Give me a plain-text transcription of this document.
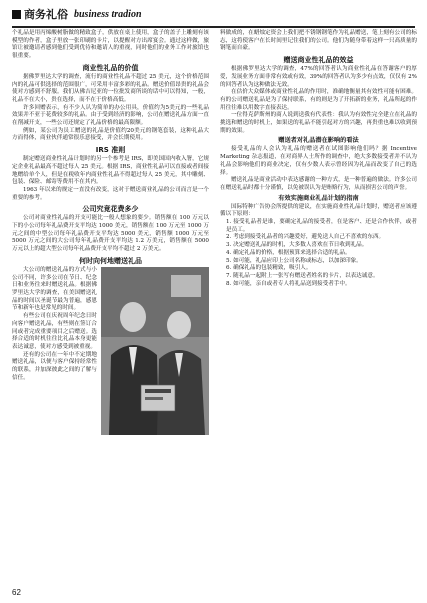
商务礼俗 business tradion

个礼品是用丙烯酸树脂做的精致盒子，供放在桌上使用，盒子的盖子上雕刻有该模型的作者，盒子里放一张印刷的卡片，以提醒对方出席宴会。通过这样做，旅馆让被邀请者感到他们受到优待和邀请人的重视，同时他们的业务工作对旅馆也很重要。

商业性礼品的价值

据佛罗里达大学的调查，流行的商业性礼品不超过 25 美元，这个价格范围内的礼品可供选择的范围很广，可采用丰富多彩的礼品。赠送价值昂贵的礼品会使对方感到不舒服。我们从佛吉尼亚的一位批发商所谈的话中可以得知，一般，礼品不在大小，贵在选择，而不在于价格高低。

许多回赠表示，有不少人认为简单的办公用具，价值约为5美元的一些礼品效果并不亚于花费较多的礼品。由于受到经济的影响，公司在赠送礼品方面一直在削减开支，一些公司还规定了礼品价格的最高限额。

例如，某公司为员工赠送的礼品是价值约20美元的钢笔套装，这种礼品大方而得体，商业伙伴通常很乐意接受，并会长期使用。

IRS 准则

制定赠送商业性礼品计划时的另一个参考是 IRS，即美国国内收入署，它规定企业礼品最高不超过每人 25 美元。根据 IRS，商业性礼品可以直接或者间接地赠给单个人，但是在税收年内商业性礼品不得超过每人 25 美元，其中雕刻、包装、保险、邮寄等费用不在其内。

1963 年以来的规定一直没有改变，这对于赠送商业礼品的公司而言是一个重要的参考。

公司究竟花费多少

公司对商业性礼品的开支可能比一般人想象的要少。销售额在 100 万元以下的小公司每年礼品费开支平均达 1000 美元，销售额在 100 万元至 1000 万元之间的中型公司每年礼品费开支平均达 5000 美元，销售额 1000 万元至 5000 万元之间的大公司每年礼品费开支平均达 1.2 万美元，销售额在 5000 万元以上的超大型公司每年礼品费开支平均不超过 2 万美元。

何时向何地赠送礼品

大公司的赠送礼品的方式与小公司不同，许多公司在节日、纪念日和业务往来时赠送礼品。根据佛罗里达大学的调查，在美国赠送礼品的时间以圣诞节最为普遍，感恩节和新年也是常见的时间。

有些公司在庆祝周年纪念日时向客户赠送礼品，有些则在签订合同或者完成重要项目之后赠送。选择合适的时机往往比礼品本身更能表达诚意，使对方感受到被重视。

还有的公司在一年中不定期地赠送礼品，以便与客户保持经常性的联系，并加深彼此之间的了解与信任。

料做成的，在蜡烛定资会上我们把不锈钢钢笔作为礼品赠送，笔上刻有公司的标志，这将使客户在长时间里记住我们的公司。他们为随身带着这样一只高质量的钢笔而自豪。

赠送商业性礼品的效益

根据佛罗里达大学的调查，47%的回答者认为商业性礼品在答谢客户的厚爱，发展业务方面非常有效或有效，39%的回答者认为多少有点效，仅仅有 2%的回答者认为这种做法无效。

在估价大众媒体或商业性礼品的作用时，准确地衡量其有效性可能有困难。有的公司赠送礼品是为了保持联系，有的则是为了开拓新的业务，礼品所起的作用往往难以用数字直接表达。

一位得克萨斯州的商人说到送我有代表性：我认为有效性完全建立在礼品的挑选和赠送的时机上，如果送的礼品不能引起对方的兴趣，再贵重也难以收到预期的效果。

赠送者对礼品潜在影响的看法

接受礼品的人会认为礼品的赠送者在试图影响他们吗？据 Incentive Marketing 杂志报道，在对商界人士所作的调查中，绝大多数接受者并不认为礼品会影响他们的商业决定，仅有少数人表示曾经因为礼品而改变了自己的选择。

赠送礼品是商业活动中表达感谢的一种方式，是一种普遍的做法。许多公司在赠送礼品时都十分谨慎，以免被误认为是贿赂行为，从而损害公司的声誉。

有效实施商业礼品计划的指南

国际特种广告协会所提供的建议，在实施商业性礼品计划时，赠送者应该遵循以下原则：

1. 接受礼品者是谁，要确定礼品的接受者，在是客户、还是合作伙伴，或者是员工。

2. 考虑到接受礼品者的兴趣爱好，避免送人自己不喜欢的东西。

3. 决定赠送礼品的时机，大多数人喜欢在节日收到礼品。

4. 确定礼品的价格，根据预算来选择合适的礼品。

5. 如可能，礼品应印上公司名称或标志，以加深印象。

6. 确保礼品的包装精致，吸引人。

7. 随礼品一起附上一张写有赠送者姓名的卡片，以表达诚意。

8. 如可能，亲自或者专人将礼品送到接受者手中。

62
